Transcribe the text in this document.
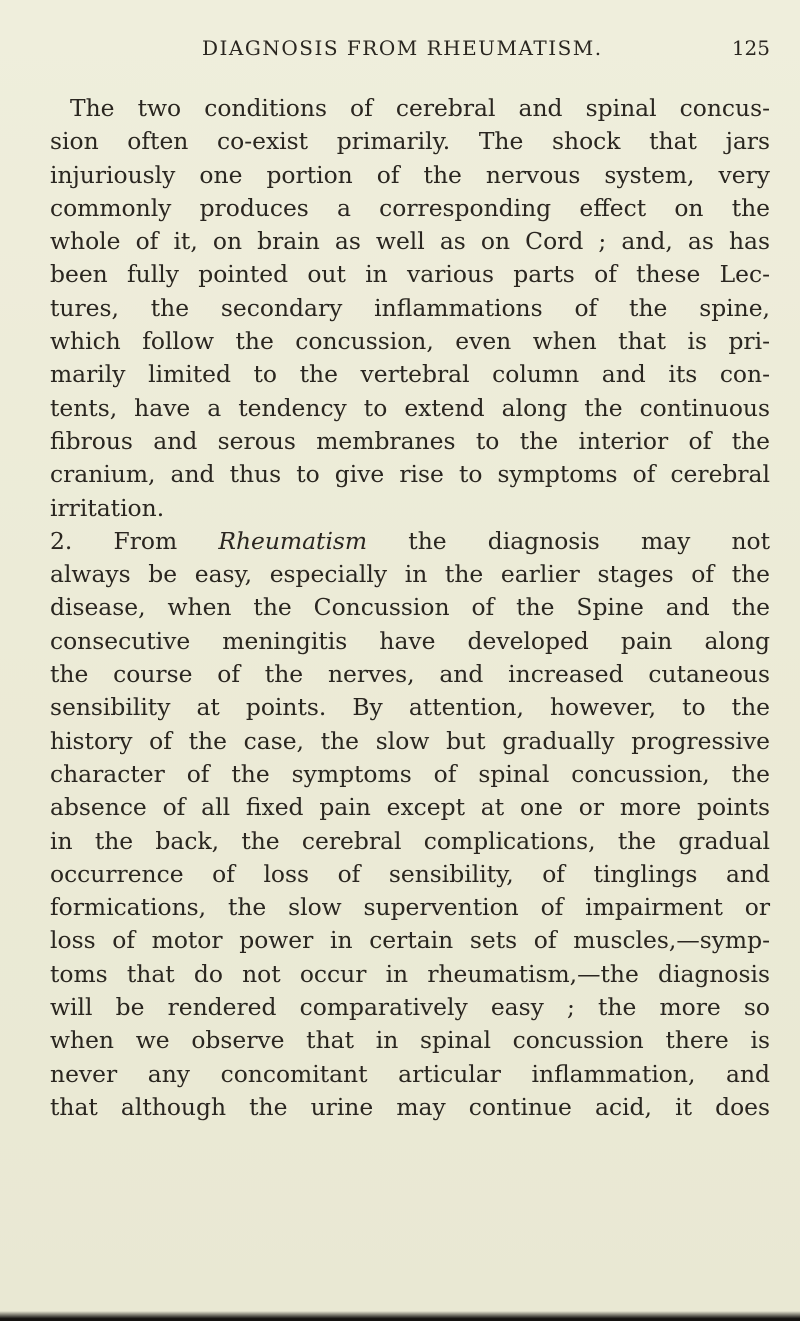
DIAGNOSIS FROM RHEUMATISM.	125
The two conditions of cerebral and spinal concus-
sion often co-exist primarily. The shock that jars
injuriously one portion of the nervous system, very
commonly produces a corresponding effect on the
whole of it, on brain as well as on Cord ; and, as has
been fully pointed out in various parts of these Lec-
tures, the secondary inflammations of the spine,
which follow the concussion, even when that is pri-
marily limited to the vertebral column and its con-
tents, have a tendency to extend along the continuous
fibrous and serous membranes to the interior of the
cranium, and thus to give rise to symptoms of cerebral
irritation.
2. From Rheumatism the diagnosis may not
always be easy, especially in the earlier stages of the
disease, when the Concussion of the Spine and the
consecutive meningitis have developed pain along
the course of the nerves, and increased cutaneous
sensibility at points. By attention, however, to the
history of the case, the slow but gradually progressive
character of the symptoms of spinal concussion, the
absence of all fixed pain except at one or more points
in the back, the cerebral complications, the gradual
occurrence of loss of sensibility, of tinglings and
formications, the slow supervention of impairment or
loss of motor power in certain sets of muscles,—symp-
toms that do not occur in rheumatism,—the diagnosis
will be rendered comparatively easy ; the more so
when we observe that in spinal concussion there is
never any concomitant articular inflammation, and
that although the urine may continue acid, it does
